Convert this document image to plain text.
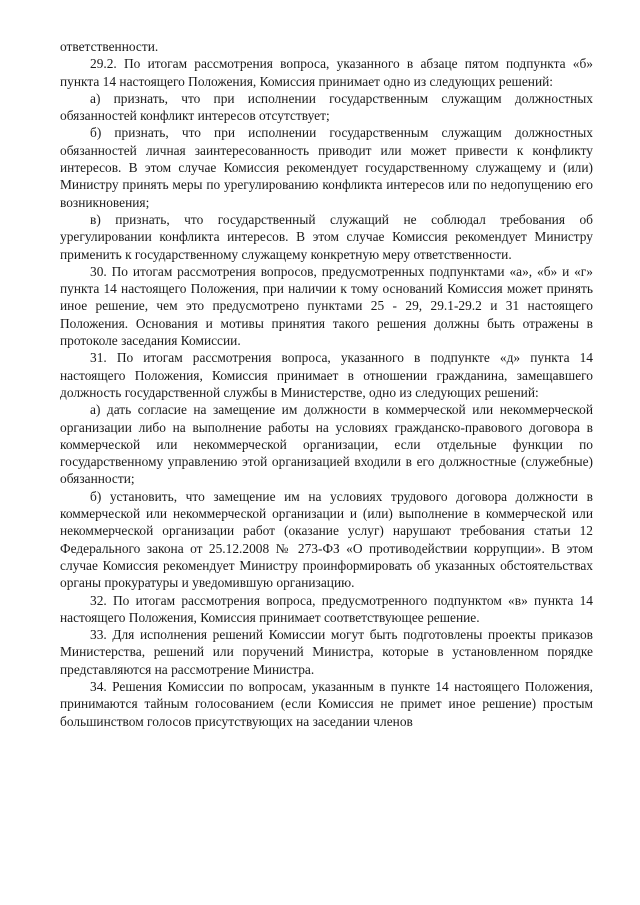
ответственности.

29.2. По итогам рассмотрения вопроса, указанного в абзаце пятом подпункта «б» пункта 14 настоящего Положения, Комиссия принимает одно из следующих решений:

а) признать, что при исполнении государственным служащим должностных обязанностей конфликт интересов отсутствует;

б) признать, что при исполнении государственным служащим должностных обязанностей личная заинтересованность приводит или может привести к конфликту интересов. В этом случае Комиссия рекомендует государственному служащему и (или) Министру принять меры по урегулированию конфликта интересов или по недопущению его возникновения;

в) признать, что государственный служащий не соблюдал требования об урегулировании конфликта интересов. В этом случае Комиссия рекомендует Министру применить к государственному служащему конкретную меру ответственности.

30. По итогам рассмотрения вопросов, предусмотренных подпунктами «а», «б» и «г» пункта 14 настоящего Положения, при наличии к тому оснований Комиссия может принять иное решение, чем это предусмотрено пунктами 25 - 29, 29.1-29.2 и 31 настоящего Положения. Основания и мотивы принятия такого решения должны быть отражены в протоколе заседания Комиссии.

31. По итогам рассмотрения вопроса, указанного в подпункте «д» пункта 14 настоящего Положения, Комиссия принимает в отношении гражданина, замещавшего должность государственной службы в Министерстве, одно из следующих решений:

а) дать согласие на замещение им должности в коммерческой или некоммерческой организации либо на выполнение работы на условиях гражданско-правового договора в коммерческой или некоммерческой организации, если отдельные функции по государственному управлению этой организацией входили в его должностные (служебные) обязанности;

б) установить, что замещение им на условиях трудового договора должности в коммерческой или некоммерческой организации и (или) выполнение в коммерческой или некоммерческой организации работ (оказание услуг) нарушают требования статьи 12 Федерального закона от 25.12.2008 № 273-ФЗ «О противодействии коррупции». В этом случае Комиссия рекомендует Министру проинформировать об указанных обстоятельствах органы прокуратуры и уведомившую организацию.

32. По итогам рассмотрения вопроса, предусмотренного подпунктом «в» пункта 14 настоящего Положения, Комиссия принимает соответствующее решение.

33. Для исполнения решений Комиссии могут быть подготовлены проекты приказов Министерства, решений или поручений Министра, которые в установленном порядке представляются на рассмотрение Министра.

34. Решения Комиссии по вопросам, указанным в пункте 14 настоящего Положения, принимаются тайным голосованием (если Комиссия не примет иное решение) простым большинством голосов присутствующих на заседании членов
